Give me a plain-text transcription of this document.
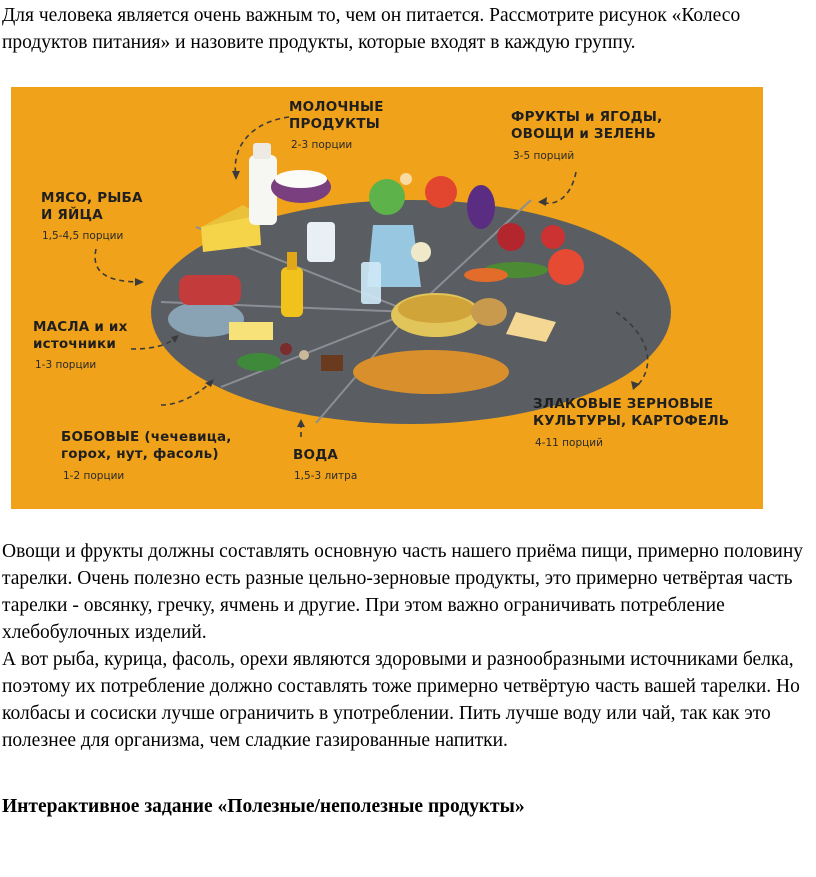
Для человека является очень важным то, чем он питается. Рассмотрите рисунок «Колесо продуктов питания» и назовите продукты, которые входят в каждую группу.

МОЛОЧНЫЕ
ПРОДУКТЫ
2-3 порции
ФРУКТЫ и ЯГОДЫ,
ОВОЩИ и ЗЕЛЕНЬ
3-5 порций
МЯСО, РЫБА
И ЯЙЦА
1,5-4,5 порции
МАСЛА и их
источники
1-3 порции
ЗЛАКОВЫЕ ЗЕРНОВЫЕ
КУЛЬТУРЫ, КАРТОФЕЛЬ
4-11 порций
БОБОВЫЕ (чечевица,
горох, нут, фасоль)
1-2 порции
ВОДА
1,5-3 литра

Овощи и фрукты должны составлять основную часть нашего приёма пищи, примерно половину тарелки. Очень полезно есть разные цельно-зерновые продукты, это примерно четвёртая часть тарелки - овсянку, гречку, ячмень и другие. При этом важно ограничивать потребление хлебобулочных изделий.
А вот рыба, курица, фасоль, орехи являются здоровыми и разнообразными источниками белка, поэтому их потребление должно составлять тоже примерно четвёртую часть вашей тарелки. Но колбасы и сосиски лучше ограничить в употреблении. Пить лучше воду или чай, так как это полезнее для организма, чем сладкие газированные напитки.

Интерактивное задание «Полезные/неполезные продукты»
